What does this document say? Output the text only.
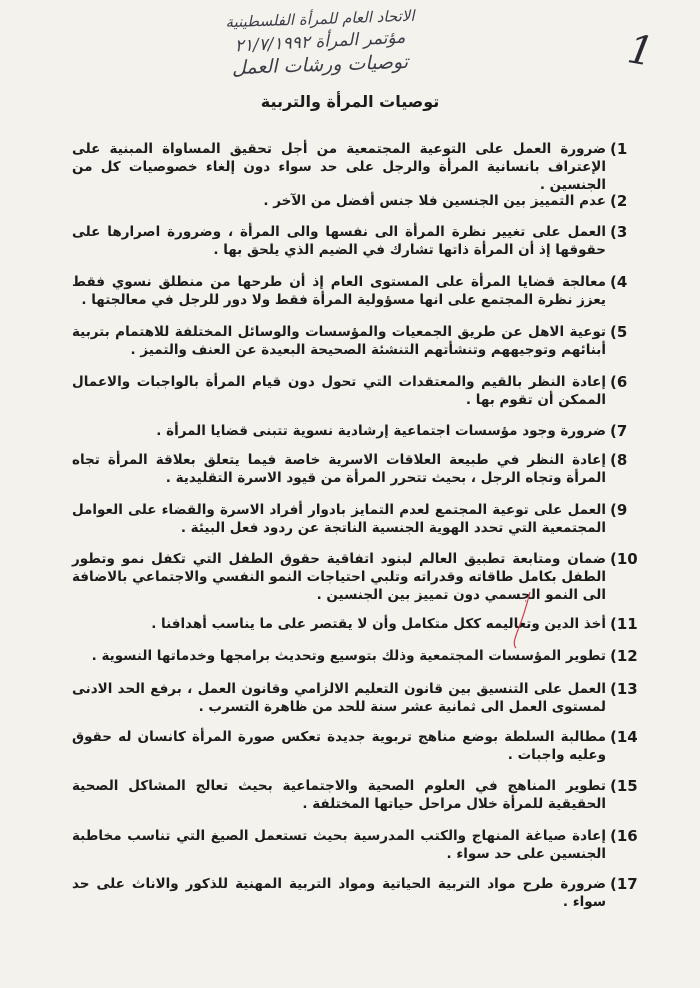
الاتحاد العام للمرأة الفلسطينية
مؤتمر المرأة ٢١/٧/١٩٩٢
توصيات ورشات العمل	1
توصيات المرأة والتربية
1)
ضرورة العمل على التوعية المجتمعية من أجل تحقيق المساواة المبنية على الإعتراف بانسانية المرأة والرجل على حد سواء دون إلغاء خصوصيات كل من الجنسين .
2)
عدم التمييز بين الجنسين فلا جنس أفضل من الآخر .
3)
العمل على تغيير نظرة المرأة الى نفسها والى المرأة ، وضرورة اصرارها على حقوقها إذ أن المرأة ذاتها تشارك في الضيم الذي يلحق بها .
4)
معالجة قضايا المرأة على المستوى العام إذ أن طرحها من منطلق نسوي فقط يعزز نظرة المجتمع على انها مسؤولية المرأة فقط ولا دور للرجل في معالجتها .
5)
توعية الاهل عن طريق الجمعيات والمؤسسات والوسائل المختلفة للاهتمام بتربية أبنائهم وتوجيههم وتنشأتهم التنشئة الصحيحة البعيدة عن العنف والتميز .
6)
إعادة النظر بالقيم والمعتقدات التي تحول دون قيام المرأة بالواجبات والاعمال الممكن أن تقوم بها .
7)
ضرورة وجود مؤسسات اجتماعية إرشادية نسوية تتبنى قضايا المرأة .
8)
إعادة النظر في طبيعة العلاقات الاسرية خاصة فيما يتعلق بعلاقة المرأة تجاه المرأة وتجاه الرجل ، بحيث تتحرر المرأة من قيود الاسرة التقليدية .
9)
العمل على توعية المجتمع لعدم التمايز بادوار أفراد الاسرة والقضاء على العوامل المجتمعية التي تحدد الهوية الجنسية الناتجة عن ردود فعل البيئة .
10)
ضمان ومتابعة تطبيق العالم لبنود اتفاقية حقوق الطفل التي تكفل نمو وتطور الطفل بكامل طاقاته وقدراته وتلبي احتياجات النمو النفسي والاجتماعي بالاضافة الى النمو الجسمي دون تمييز بين الجنسين .
11)
أخذ الدين وتعاليمه ككل متكامل وأن لا يقتصر على ما يناسب أهدافنا .
12)
تطوير المؤسسات المجتمعية وذلك بتوسيع وتحديث برامجها وخدماتها النسوية .
13)
العمل على التنسيق بين قانون التعليم الالزامي وقانون العمل ، برفع الحد الادنى لمستوى العمل الى ثمانية عشر سنة للحد من ظاهرة التسرب .
14)
مطالبة السلطة بوضع مناهج تربوية جديدة تعكس صورة المرأة كانسان له حقوق وعليه واجبات .
15)
تطوير المناهج في العلوم الصحية والاجتماعية بحيث تعالج المشاكل الصحية الحقيقية للمرأة خلال مراحل حياتها المختلفة .
16)
إعادة صياغة المنهاج والكتب المدرسية بحيث تستعمل الصيغ التي تناسب مخاطبة الجنسين على حد سواء .
17)
ضرورة طرح مواد التربية الحياتية ومواد التربية المهنية للذكور والاناث على حد سواء .
